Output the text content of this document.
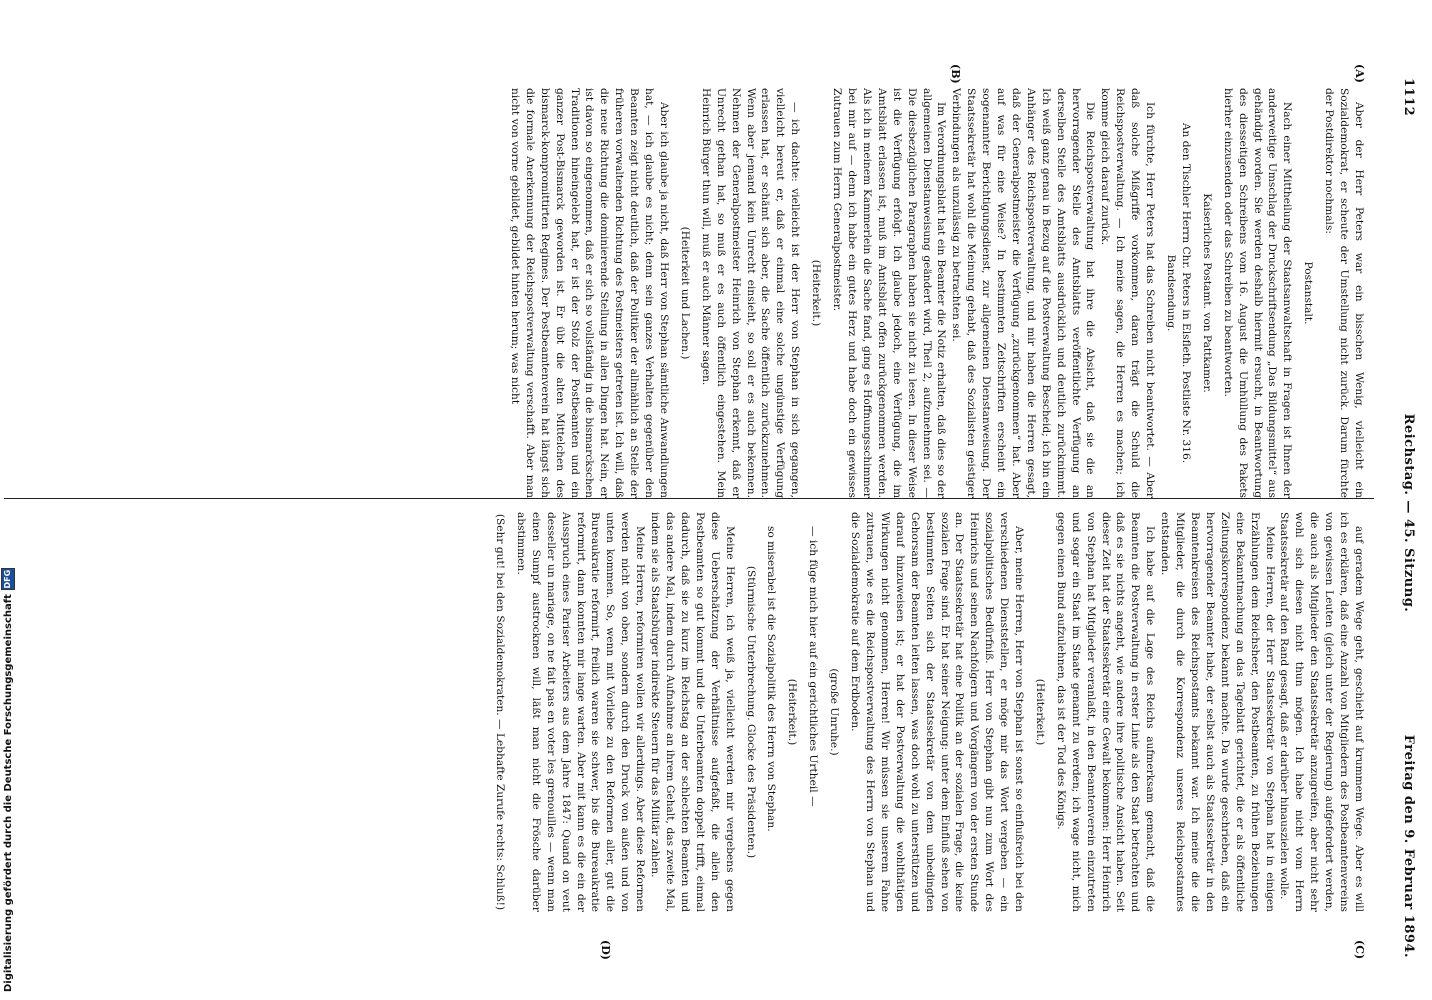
1112
Reichstag. — 45. Sitzung.
Freitag den 9. Februar 1894.
(A)
(B)
(C)
(D)

Aber der Herr Peters war ein bisschen Wenig, vielleicht ein Sozialdemokrat, er scheute der Umstellung nicht zurück. Darum fürchte der Postdirektor nochmals:

Postanstalt.

Nach einer Mittheilung der Staatsanwaltschaft in Fragen ist Ihnen der anderweitige Umschlag der Druckschriftsendung „Das Bildungsmittel“ aus gehändigt worden. Sie werden deshalb hiermit ersucht, in Beantwortung des diesseitigen Schreibens vom 16. August die Umhüllung des Pakets hierher einzusenden oder das Schreiben zu beantworten.

Kaiserliches Postamt. von Pattkamer.

An den Tischler Herrn Chr. Peters in Elsfleth. Postliste Nr. 316. Bandsendung.

Ich fürchte, Herr Peters hat das Schreiben nicht beantwortet. — Aber daß solche Mißgriffe vorkommen, daran trägt die Schuld die Reichspostverwaltung. — Ich meine sagen, die Herren es machen; ich komme gleich darauf zurück.

Die Reichspostverwaltung hat ihre die Absicht, daß sie die an hervorragender Stelle des Amtsblatts veröffentlichte Verfügung an derselben Stelle des Amtsblatts ausdrücklich und deutlich zurücknimmt. Ich weiß ganz genau in Bezug auf die Postverwaltung Bescheid; ich bin ein Anhänger des Reichspostverwaltung, und mir haben die Herren gesagt, daß der Generalpostmeister die Verfügung „zurückgenommen“ hat. Aber auf was für eine Weise? In bestimmten Zeitschriften erscheint ein sogenannter Berichtigungsdienst, zur allgemeinen Dienstanweisung. Der Staatssekretär hat wohl die Meinung gehabt, daß des Sozialisten geistiger Verbindungen als unzulässig zu betrachten sei.

Im Verordnungsblatt hat ein Beamter die Notiz erhalten, daß dies so der allgemeinen Dienstanweisung geändert wird, Theil 2, aufzunehmen sei. — Die diesbezüglichen Paragraphen haben sie nicht zu lesen. In dieser Weise ist die Verfügung erfolgt. Ich glaube jedoch, eine Verfügung, die im Amtsblatt erlassen ist, muß im Amtsblatt offen zurückgenommen werden. Als ich in meinem Kammerlein die Sache fand, ging es Hoffnungsschimmer bei mir auf — denn ich habe ein gutes Herz und habe doch ein gewisses Zutrauen zum Herrn Generalpostmeister.

(Heiterkeit.)

— ich dachte: vielleicht ist der Herr von Stephan in sich gegangen, vielleicht bereut er, daß er einmal eine solche ungünstige Verfügung erlassen hat, er schämt sich aber, die Sache öffentlich zurückzunehmen. Wenn aber jemand kein Unrecht einsieht, so soll er es auch bekennen. Nehmen der Generalpostmeister Heinrich von Stephan erkennt, daß er Unrecht gethan hat, so muß er es auch öffentlich eingestehen. Mein Heinrich Bürger thun will, muß er auch Männer sagen.

(Heiterkeit und Lachen.)

Aber ich glaube ja nicht, daß Herr von Stephan sämtliche Anwandlungen hat, — ich glaube es nicht; denn sein ganzes Verhalten gegenüber den Beamten zeigt nicht deutlich, daß der Politiker der allmählich an Stelle der früheren vorwaltenden Richtung des Postmeisters getreten ist. Ich will, daß die neue Richtung die dominierende Stellung in allen Dingen hat. Nein, er ist davon so eingenommen, daß er sich so vollständig in die bismarckschen Traditionen hineingelebt hat, er ist der Stolz der Postbeamten und ein ganzer Post-Bismarck geworden ist. Er übt die alten Mittelchen des bismarck-kompromittirten Regimes. Der Postbeamtenverein hat längst sich die formale Anerkennung der Reichspostverwaltung verschafft. Aber man nicht von vorne gebildet, gebildet hinten herum; was nicht

auf geradem Wege geht, geschieht auf krummem Wege. Aber es will ich es erklären, daß eine Anzahl von Mitgliedern des Postbeamtenvereins von gewissen Leuten (gleich unter der Regierung) aufgefordert werden, die auch als Mitglieder den Staatssekretär anzugreifen, aber nicht sehr wohl sich diesen nicht thun mögen. Ich habe nicht vom Herrn Staatssekretär auf den Rand gesagt, daß er darüber hinauszielen wolle.

Meine Herren, der Herr Staatssekretär von Stephan hat in einigen Erzählungen dem Reichsheer, den Postbeamten, zu frühen Beziehungen eine Bekanntmachung an das Tageblatt gerichtet, die er als öffentliche Zeitungskorrespondenz bekannt machte. Da wurde geschrieben, daß ein hervorragender Beamter habe, der selbst auch als Staatssekretär in den Beamtenkreisen des Reichspostamts bekannt war. Ich meine die die Mitglieder, die durch die Korrespondenz unseres Reichspostamtes entstanden.

Ich habe auf die Lage des Reichs aufmerksam gemacht, daß die Beamten die Postverwaltung in erster Linie als den Staat betrachten und daß es sie nichts angeht, wie andere ihre politische Ansicht haben. Seit dieser Zeit hat der Staatssekretär eine Gewalt bekommen: Herr Heinrich von Stephan hat Mitglieder veranlaßt, in den Beamtenverein einzutreten und sogar ein Staat im Staate genannt zu werden; ich wage nicht, mich gegen einen Bund aufzulehnen, das ist der Tod des Königs.

(Heiterkeit.)

Aber, meine Herren, Herr von Stephan ist sonst so einflußreich bei den verschiedenen Dienststellen, er möge mir das Wort vergeben — ein sozialpolitisches Bedürfniß. Herr von Stephan gibt nun zum Wort des Heinrichs und seinen Nachfolgern und Vorgängern von der ersten Stunde an. Der Staatssekretär hat eine Politik an der sozialen Frage, die keine sozialen Frage sind. Er hat seiner Neigung: unter dem Einfluß sehen von bestimmten Seiten sich der Staatssekretär von dem unbedingten Gehorsam der Beamten leiten lassen, was doch wohl zu unterstützen und darauf hinzuweisen ist; er hat der Postverwaltung die wohlthätigen Wirkungen nicht genommen, Herren! Wir müssen sie unserem Fahne zutrauen, wie es die Reichspostverwaltung des Herrn von Stephan und die Sozialdemokratie auf dem Erdboden.

(große Unruhe.)

— ich füge mich hier auf ein gerichtliches Urtheil —

(Heiterkeit.)

so miserabel ist die Sozialpolitik des Herrn von Stephan.

(Stürmische Unterbrechung. Glocke des Präsidenten.)

Meine Herren, ich weiß ja, vielleicht werden mir vergebens gegen diese Ueberschätzung der Verhältnisse aufgefaßt, die allein den Postbeamten so gut kommt und die Unterbeamten doppelt trifft, einmal dadurch, daß sie zu kurz im Reichstag an der schlechten Beamten und das andere Mal, indem durch Aufnahme an ihrem Gehalt, das zweite Mal, indem sie als Staatsbürger indirekte Steuern für das Militär zahlen.

Meine Herren, reformiren wollen wir allerdings. Aber diese Reformen werden nicht von oben, sondern durch den Druck von außen und von unten kommen. So, wenn mit Vorliebe zu den Reformen aller, gut die Bureaukratie reformirt, freilich waren sie schwer, bis die Bureaukratie reformirt, dann konnten mir lange warten. Aber mit kann es die ein der Ausspruch eines Pariser Arbeiters aus dem Jahre 1847: Quand on veut desseller un mariage, on ne fait pas en voter les grenouilles — wenn man einen Sumpf austrocknen will, läßt man nicht die Frösche darüber abstimmen.

(Sehr gut! bei den Sozialdemokraten. — Lebhafte Zurufe rechts: Schluß!)

Digitalisierung gefördert durch die Deutsche Forschungsgemeinschaft
DFG
